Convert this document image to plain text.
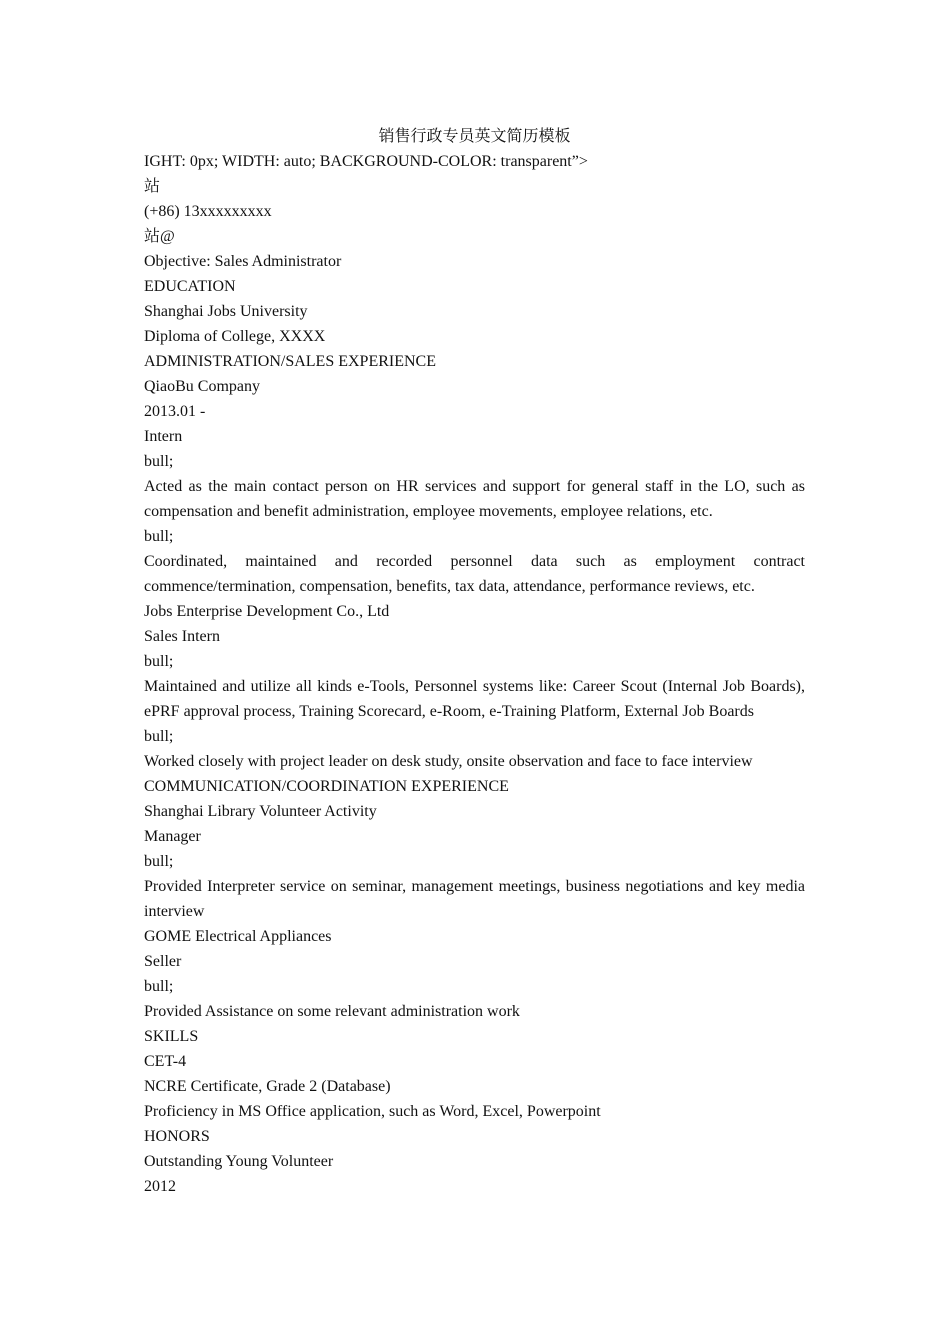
销售行政专员英文简历模板

IGHT: 0px; WIDTH: auto; BACKGROUND-COLOR: transparent”>

站

(+86) 13xxxxxxxxx

站@

Objective: Sales Administrator

EDUCATION

Shanghai Jobs University

Diploma of College, XXXX

ADMINISTRATION/SALES EXPERIENCE

QiaoBu Company

2013.01 -

Intern

bull;

Acted as the main contact person on HR services and support for general staff in the LO, such as compensation and benefit administration, employee movements, employee relations, etc.

bull;

Coordinated, maintained and recorded personnel data such as employment contract commence/termination, compensation, benefits, tax data, attendance, performance reviews, etc.

Jobs Enterprise Development Co., Ltd

Sales Intern

bull;

Maintained and utilize all kinds e-Tools, Personnel systems like: Career Scout (Internal Job Boards), ePRF approval process, Training Scorecard, e-Room, e-Training Platform, External Job Boards

bull;

Worked closely with project leader on desk study, onsite observation and face to face interview

COMMUNICATION/COORDINATION EXPERIENCE

Shanghai Library Volunteer Activity

Manager

bull;

Provided Interpreter service on seminar, management meetings, business negotiations and key media interview

GOME Electrical Appliances

Seller

bull;

Provided Assistance on some relevant administration work

SKILLS

CET-4

NCRE Certificate, Grade 2 (Database)

Proficiency in MS Office application, such as Word, Excel, Powerpoint

HONORS

Outstanding Young Volunteer

2012
